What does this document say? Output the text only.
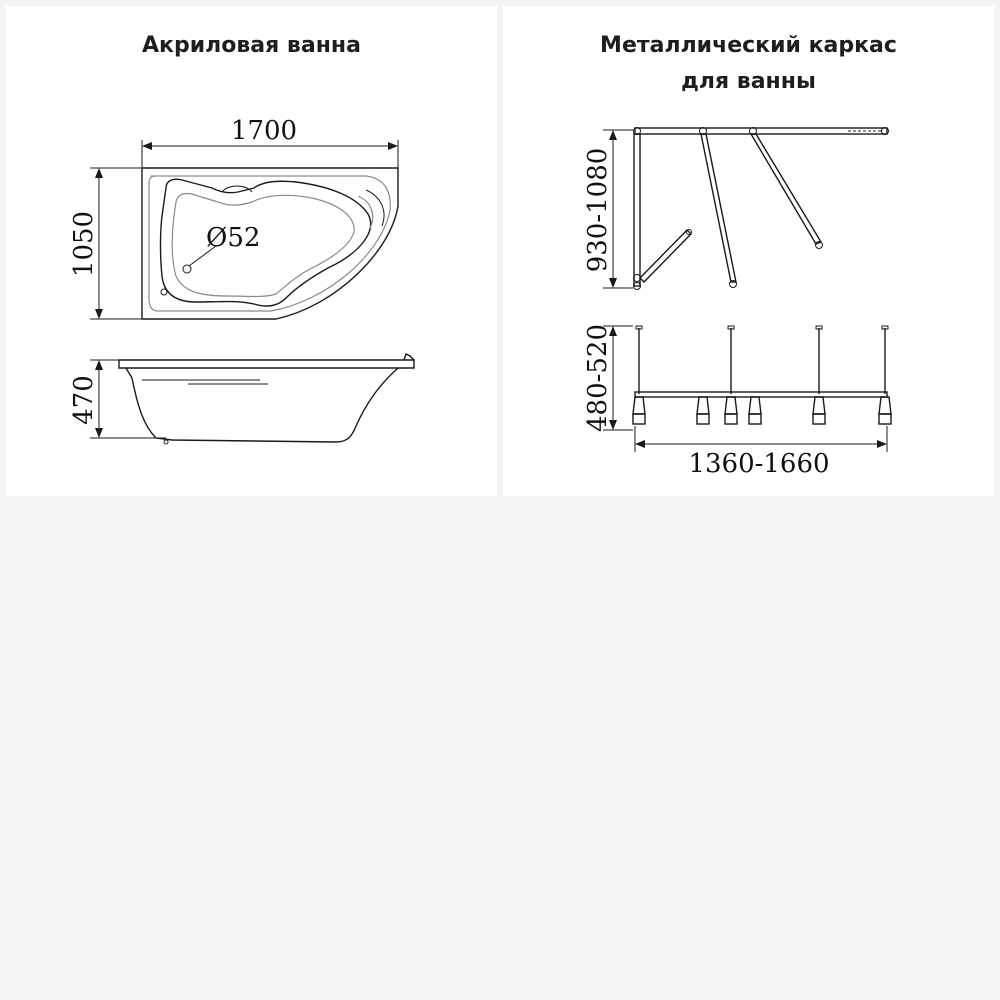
Акриловая ванна
1700
1050	Ø52
470
Металлический каркас
для ванны
930-1080
480-520
1360-1660
